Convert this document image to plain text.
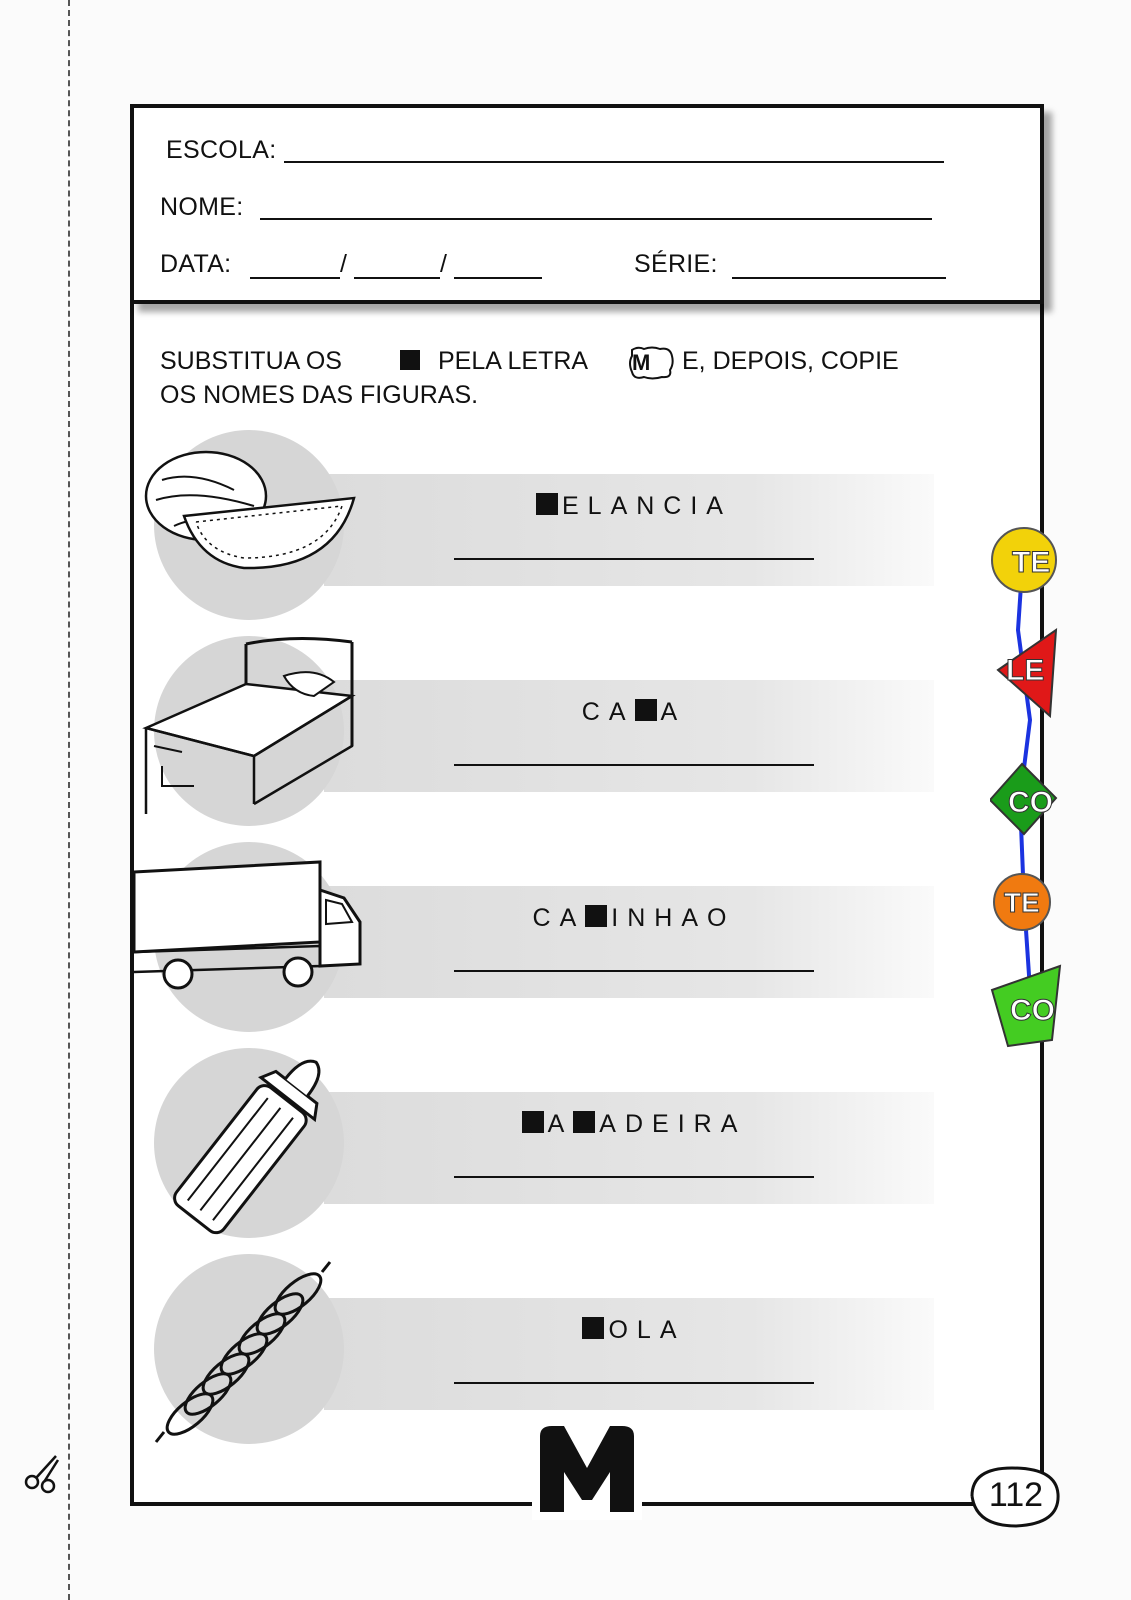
ESCOLA:
NOME:
DATA:	/	/	SÉRIE:
SUBSTITUA OS	PELA LETRA M E, DEPOIS, COPIE
OS NOMES DAS FIGURAS.
ELANCIA
CA A
CA INHAO
A ADEIRA
OLA
112
TE
LE
CO
TE
CO
